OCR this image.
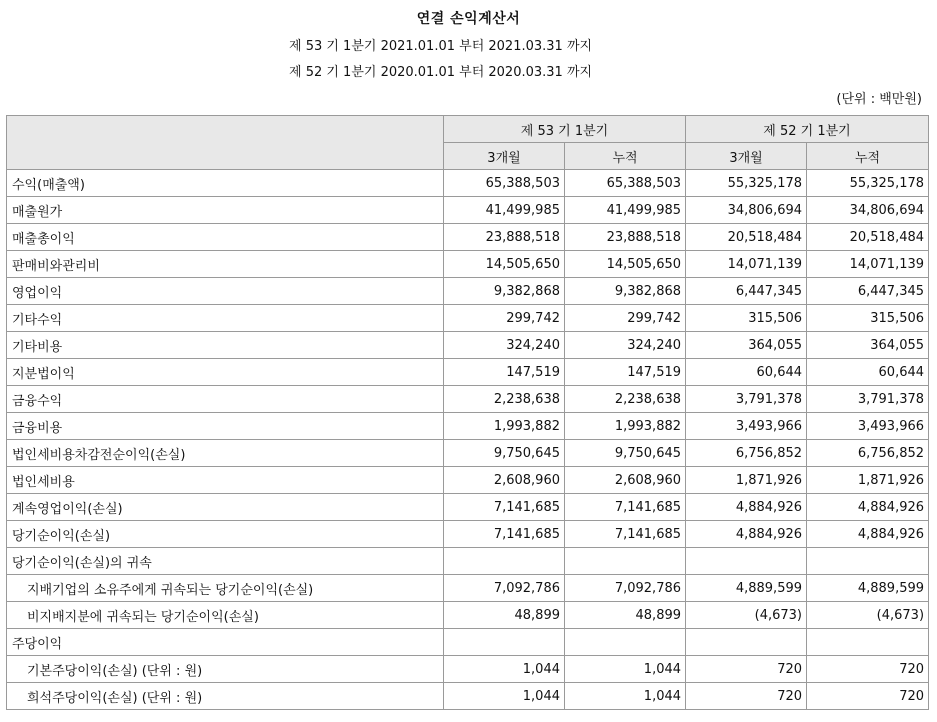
연결 손익계산서
제 53 기 1분기 2021.01.01 부터 2021.03.31 까지
제 52 기 1분기 2020.01.01 부터 2020.03.31 까지
(단위 : 백만원)
	제 53 기 1분기		제 52 기 1분기	
	3개월	누적	3개월	누적
수익(매출액)	65,388,503	65,388,503	55,325,178	55,325,178
매출원가	41,499,985	41,499,985	34,806,694	34,806,694
매출총이익	23,888,518	23,888,518	20,518,484	20,518,484
판매비와관리비	14,505,650	14,505,650	14,071,139	14,071,139
영업이익	9,382,868	9,382,868	6,447,345	6,447,345
기타수익	299,742	299,742	315,506	315,506
기타비용	324,240	324,240	364,055	364,055
지분법이익	147,519	147,519	60,644	60,644
금융수익	2,238,638	2,238,638	3,791,378	3,791,378
금융비용	1,993,882	1,993,882	3,493,966	3,493,966
법인세비용차감전순이익(손실)	9,750,645	9,750,645	6,756,852	6,756,852
법인세비용	2,608,960	2,608,960	1,871,926	1,871,926
계속영업이익(손실)	7,141,685	7,141,685	4,884,926	4,884,926
당기순이익(손실)	7,141,685	7,141,685	4,884,926	4,884,926
당기순이익(손실)의 귀속				
지배기업의 소유주에게 귀속되는 당기순이익(손실)	7,092,786	7,092,786	4,889,599	4,889,599
비지배지분에 귀속되는 당기순이익(손실)	48,899	48,899	(4,673)	(4,673)
주당이익				
기본주당이익(손실) (단위 : 원)	1,044	1,044	720	720
희석주당이익(손실) (단위 : 원)	1,044	1,044	720	720
